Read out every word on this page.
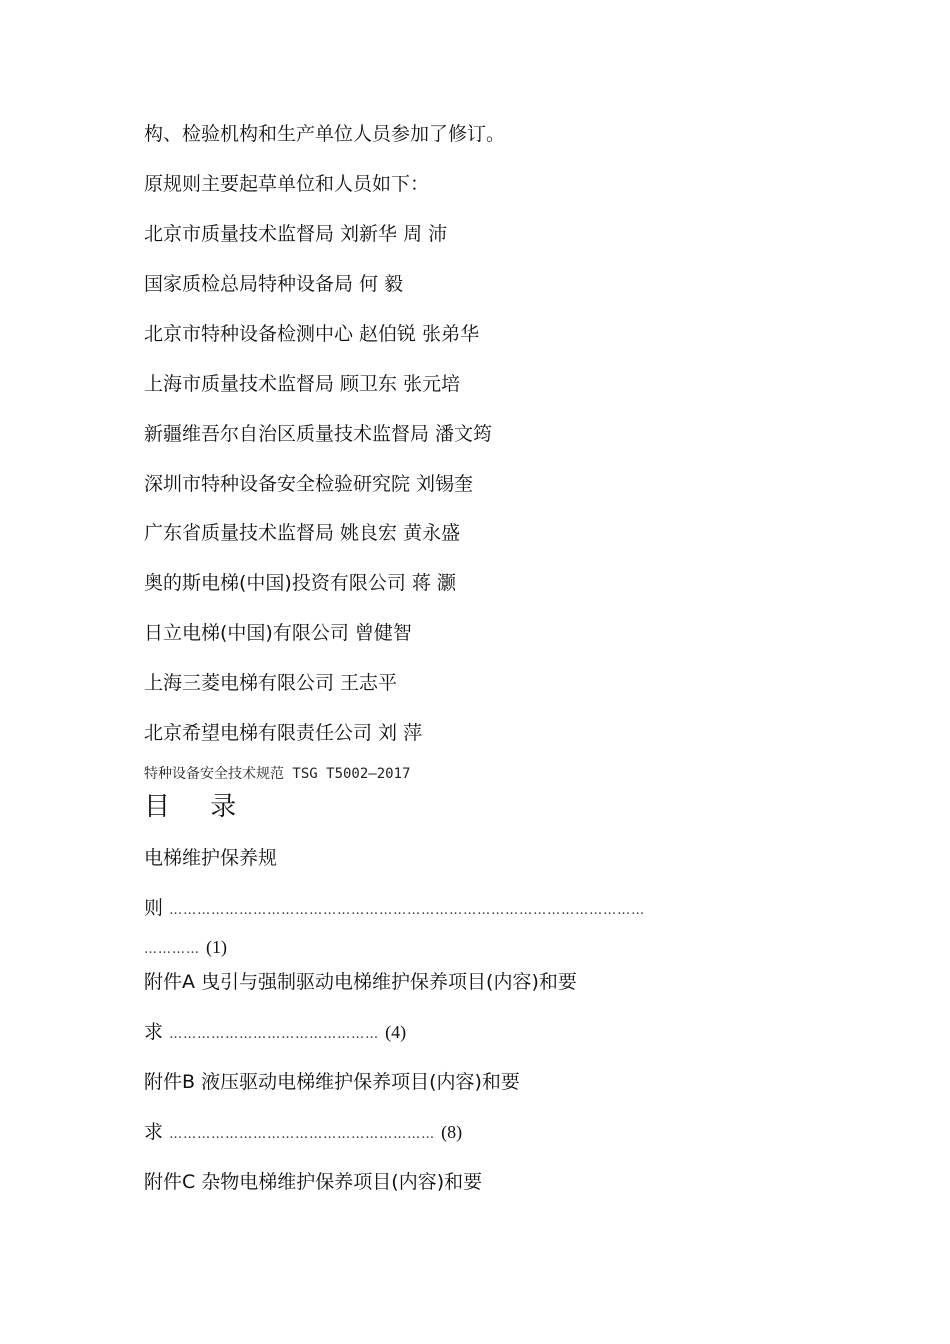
构、检验机构和生产单位人员参加了修订。
原规则主要起草单位和人员如下：
北京市质量技术监督局 刘新华 周 沛
国家质检总局特种设备局 何 毅
北京市特种设备检测中心 赵伯锐 张弟华
上海市质量技术监督局 顾卫东 张元培
新疆维吾尔自治区质量技术监督局 潘文筠
深圳市特种设备安全检验研究院 刘锡奎
广东省质量技术监督局 姚良宏 黄永盛
奥的斯电梯(中国)投资有限公司 蒋 灏
日立电梯(中国)有限公司 曾健智
上海三菱电梯有限公司 王志平
北京希望电梯有限责任公司 刘 萍
特种设备安全技术规范 TSG T5002—2017
目 录
电梯维护保养规
则 …………………………………………………………………………………………
………… (1)
附件A 曳引与强制驱动电梯维护保养项目(内容)和要
求 ……………………………………… (4)
附件B 液压驱动电梯维护保养项目(内容)和要
求 ………………………………………………… (8)
附件C 杂物电梯维护保养项目(内容)和要
